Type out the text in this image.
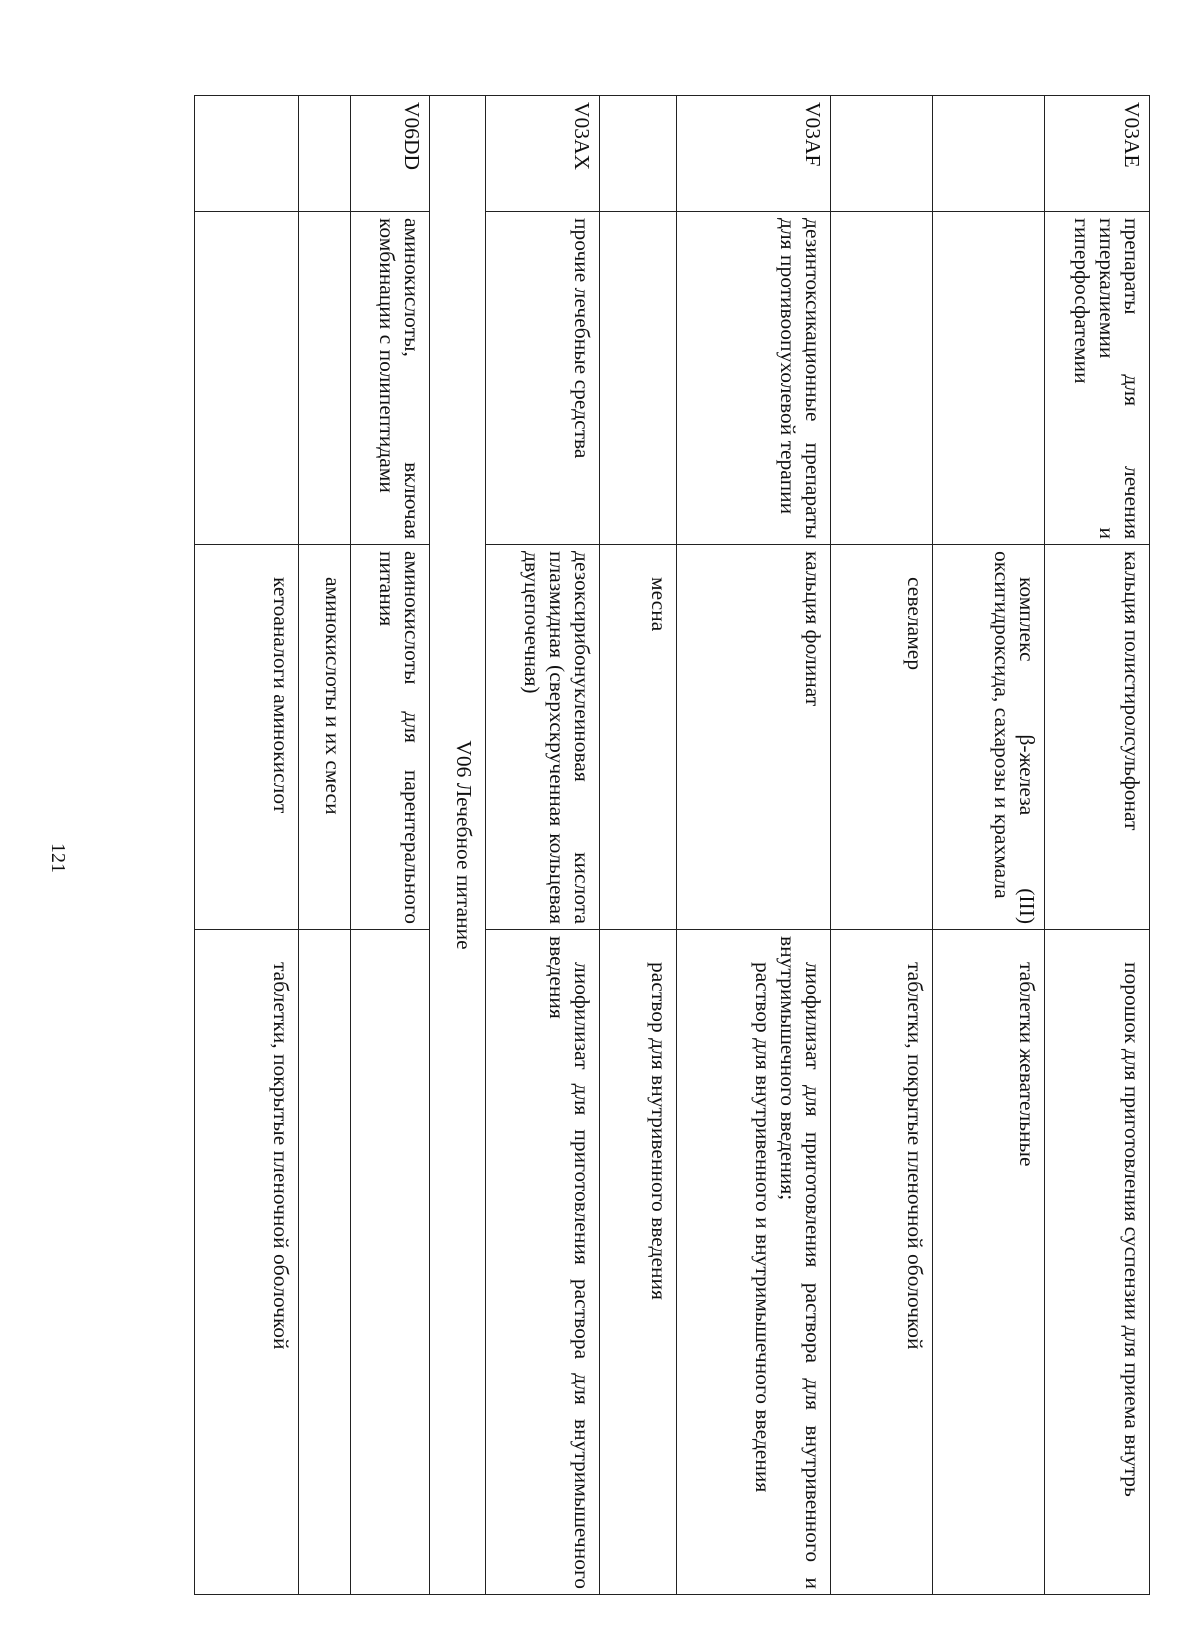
121
V03AE	препараты для лечения гиперкалиемии и гиперфосфатемии	кальция полистиролсульфонат	порошок для приготовления суспензии для приема внутрь

		комплекс β-железа (III) оксигидроксида, сахарозы и крахмала	таблетки жевательные

		севеламер	таблетки, покрытые пленочной оболочкой

V03AF	дезинтоксикационные препараты для противоопухолевой терапии	кальция фолинат	лиофилизат для приготовления раствора для внутривенного и внутримышечного введения;
раствор для внутривенного и внутримышечного введения

		месна	раствор для внутривенного введения

V03AX	прочие лечебные средства	дезоксирибонуклеиновая кислота плазмидная (сверхскрученная кольцевая двуцепочечная)	лиофилизат для приготовления раствора для внутримышечного введения

V06 Лечебное питание			
V06DD	аминокислоты, включая комбинации с полипептидами	аминокислоты для парентерального питания	

		аминокислоты и их смеси	

		кетоаналоги аминокислот	таблетки, покрытые пленочной оболочкой
